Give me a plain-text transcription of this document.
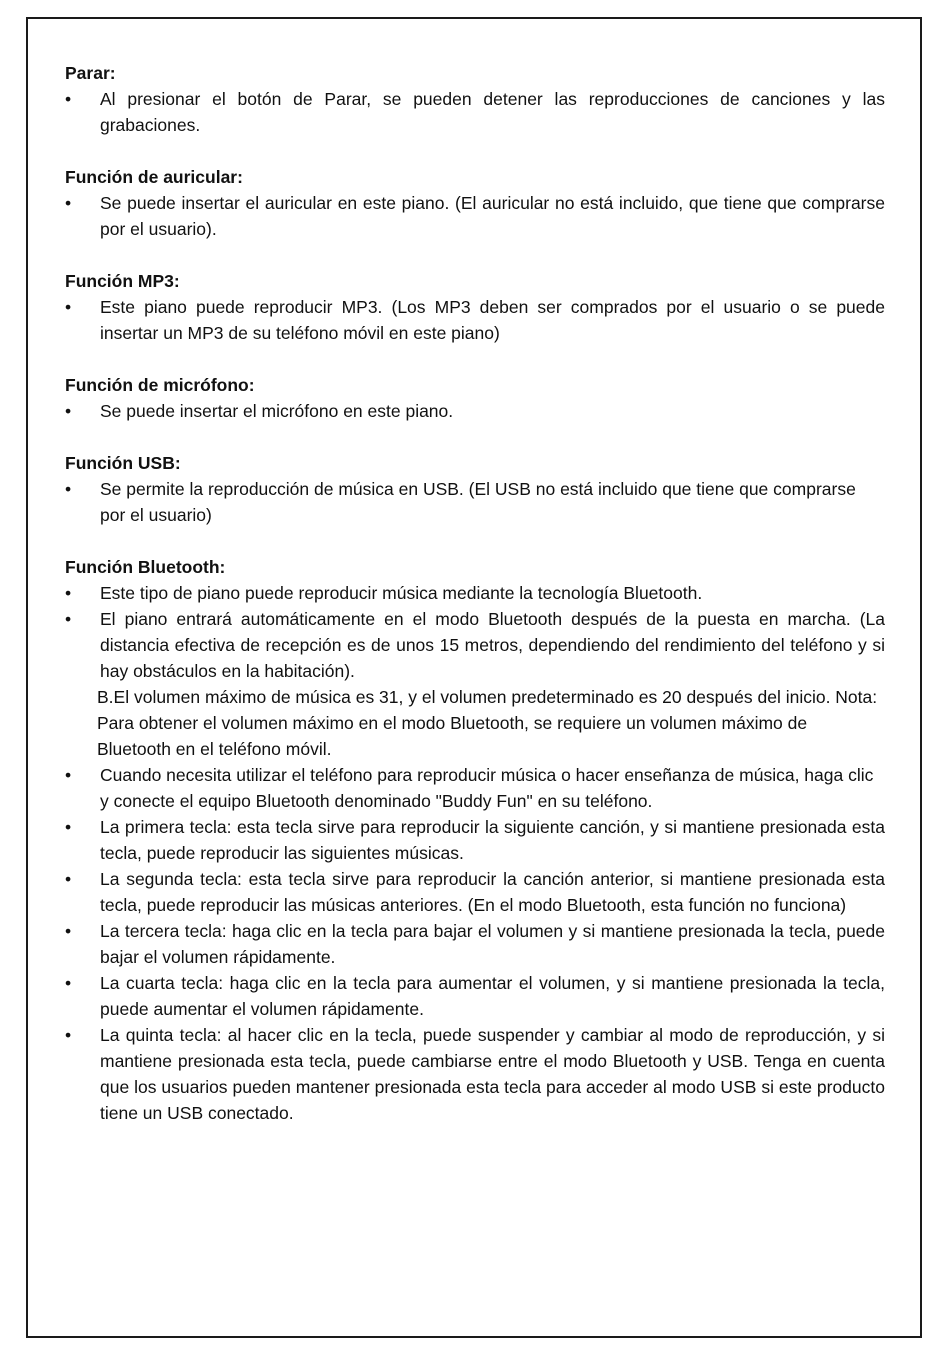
Parar:

• Al presionar el botón de Parar, se pueden detener las reproducciones de canciones y las grabaciones.

Función de auricular:

• Se puede insertar el auricular en este piano. (El auricular no está incluido, que tiene que comprarse por el usuario).

Función MP3:

• Este piano puede reproducir MP3. (Los MP3 deben ser comprados por el usuario o se puede insertar un MP3 de su teléfono móvil en este piano)

Función de micrófono:

• Se puede insertar el micrófono en este piano.

Función USB:

• Se permite la reproducción de música en USB. (El USB no está incluido que tiene que comprarse por el usuario)

Función Bluetooth:

• Este tipo de piano puede reproducir música mediante la tecnología Bluetooth.
• El piano entrará automáticamente en el modo Bluetooth después de la puesta en marcha. (La distancia efectiva de recepción es de unos 15 metros, dependiendo del rendimiento del teléfono y si hay obstáculos en la habitación).
B.El volumen máximo de música es 31, y el volumen predeterminado es 20 después del inicio. Nota: Para obtener el volumen máximo en el modo Bluetooth, se requiere un volumen máximo de Bluetooth en el teléfono móvil.
• Cuando necesita utilizar el teléfono para reproducir música o hacer enseñanza de música, haga clic y conecte el equipo Bluetooth denominado "Buddy Fun" en su teléfono.
• La primera tecla: esta tecla sirve para reproducir la siguiente canción, y si mantiene presionada esta tecla, puede reproducir las siguientes músicas.
• La segunda tecla: esta tecla sirve para reproducir la canción anterior, si mantiene presionada esta tecla, puede reproducir las músicas anteriores. (En el modo Bluetooth, esta función no funciona)
• La tercera tecla: haga clic en la tecla para bajar el volumen y si mantiene presionada la tecla, puede bajar el volumen rápidamente.
• La cuarta tecla: haga clic en la tecla para aumentar el volumen, y si mantiene presionada la tecla, puede aumentar el volumen rápidamente.
• La quinta tecla: al hacer clic en la tecla, puede suspender y cambiar al modo de reproducción, y si mantiene presionada esta tecla, puede cambiarse entre el modo Bluetooth y USB. Tenga en cuenta que los usuarios pueden mantener presionada esta tecla para acceder al modo USB si este producto tiene un USB conectado.
